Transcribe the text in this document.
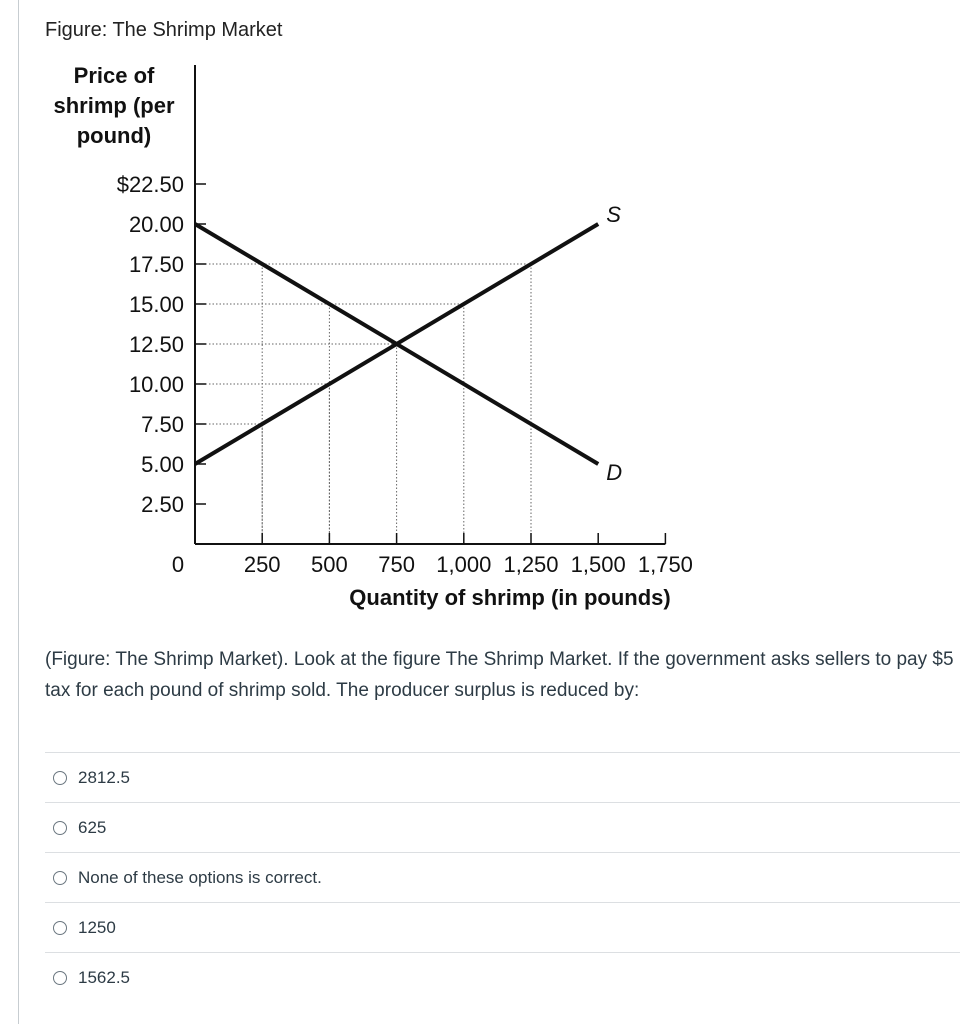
Figure: The Shrimp Market
Price of
shrimp (per
pound)
$22.50
20.00
17.50
15.00
12.50
10.00
7.50
5.00
2.50
250 500 750 1,000 1,250 1,500 1,750
0
Quantity of shrimp (in pounds)
S
D
(Figure: The Shrimp Market). Look at the figure The Shrimp Market. If the government asks sellers to pay $5 tax for each pound of shrimp sold. The producer surplus is reduced by:
2812.5
625
None of these options is correct.
1250
1562.5
